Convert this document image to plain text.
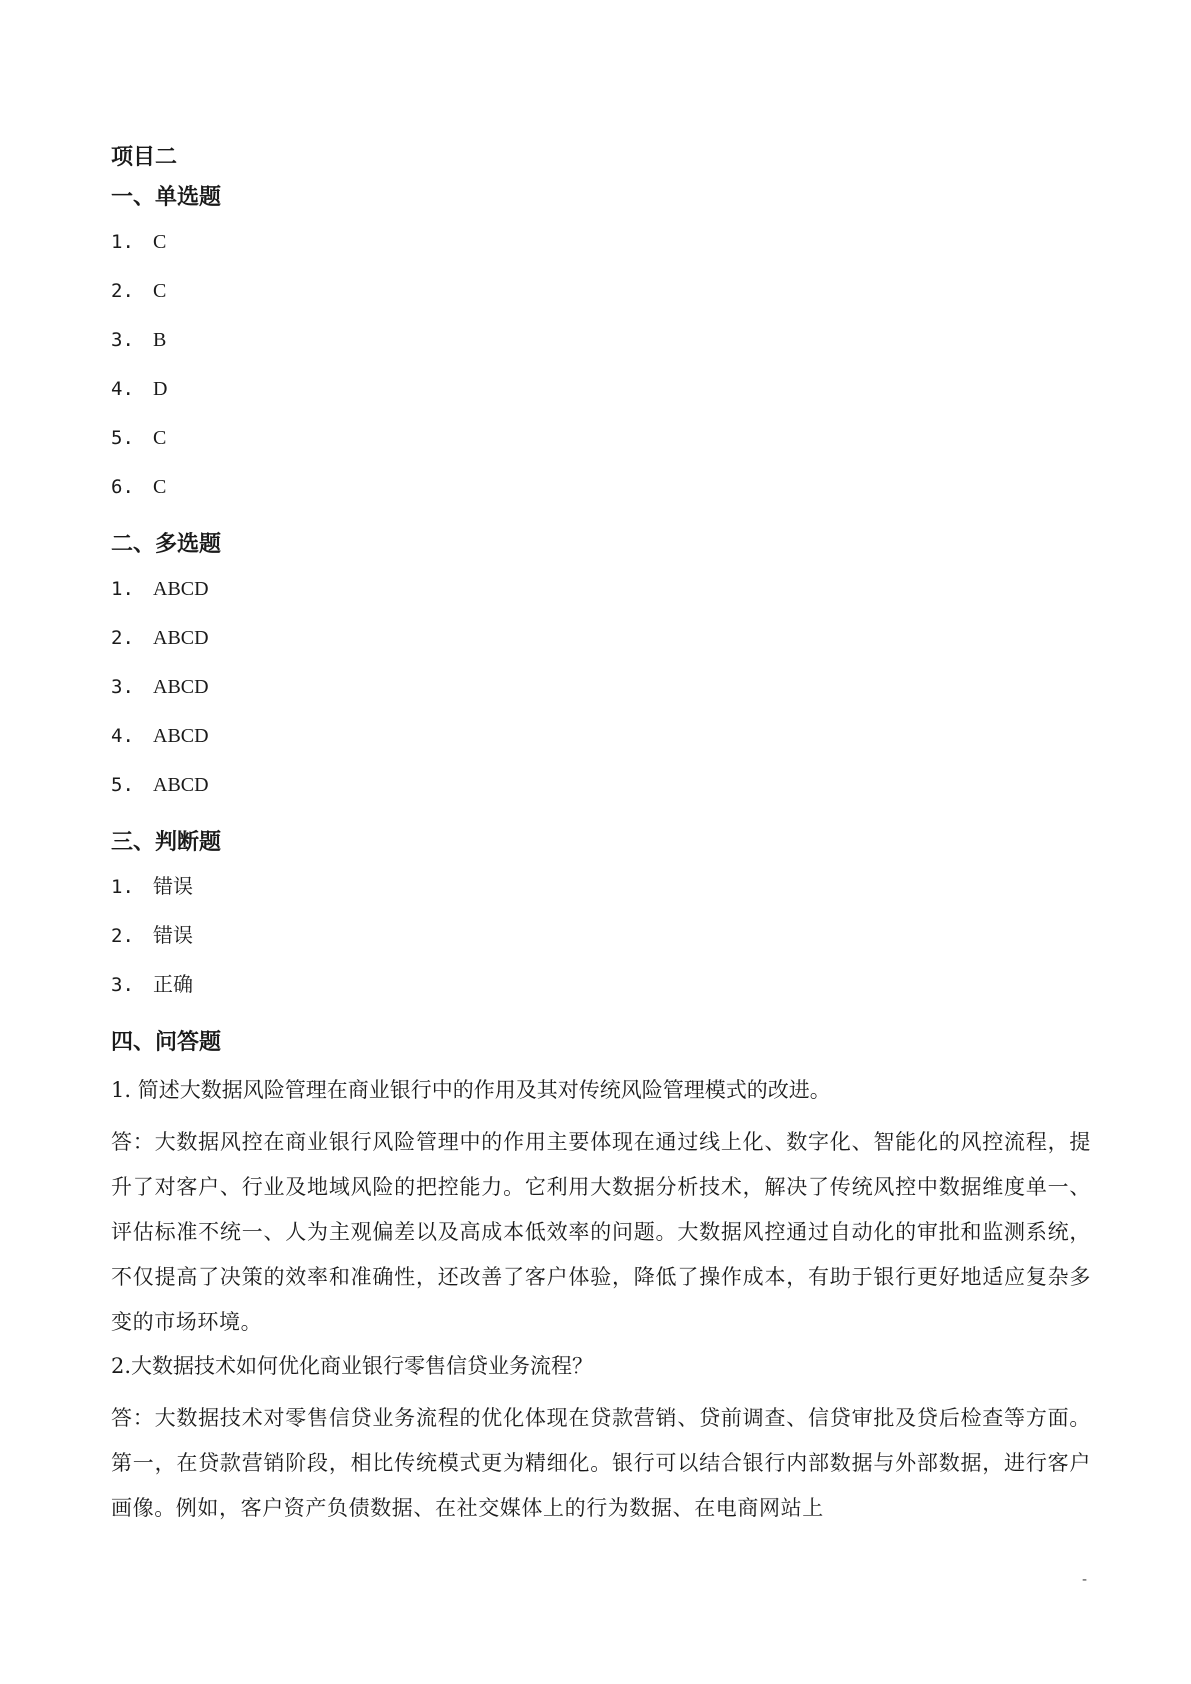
项目二
一、单选题
1. C
2. C
3. B
4. D
5. C
6. C
二、多选题
1. ABCD
2. ABCD
3. ABCD
4. ABCD
5. ABCD
三、判断题
1. 错误
2. 错误
3. 正确
四、问答题

1. 简述大数据风险管理在商业银行中的作用及其对传统风险管理模式的改进。

答：大数据风控在商业银行风险管理中的作用主要体现在通过线上化、数字化、智能化的风控流程，提升了对客户、行业及地域风险的把控能力。它利用大数据分析技术，解决了传统风控中数据维度单一、评估标准不统一、人为主观偏差以及高成本低效率的问题。大数据风控通过自动化的审批和监测系统，不仅提高了决策的效率和准确性，还改善了客户体验，降低了操作成本，有助于银行更好地适应复杂多变的市场环境。

2.大数据技术如何优化商业银行零售信贷业务流程？

答：大数据技术对零售信贷业务流程的优化体现在贷款营销、贷前调查、信贷审批及贷后检查等方面。第一，在贷款营销阶段，相比传统模式更为精细化。银行可以结合银行内部数据与外部数据，进行客户画像。例如，客户资产负债数据、在社交媒体上的行为数据、在电商网站上

-
